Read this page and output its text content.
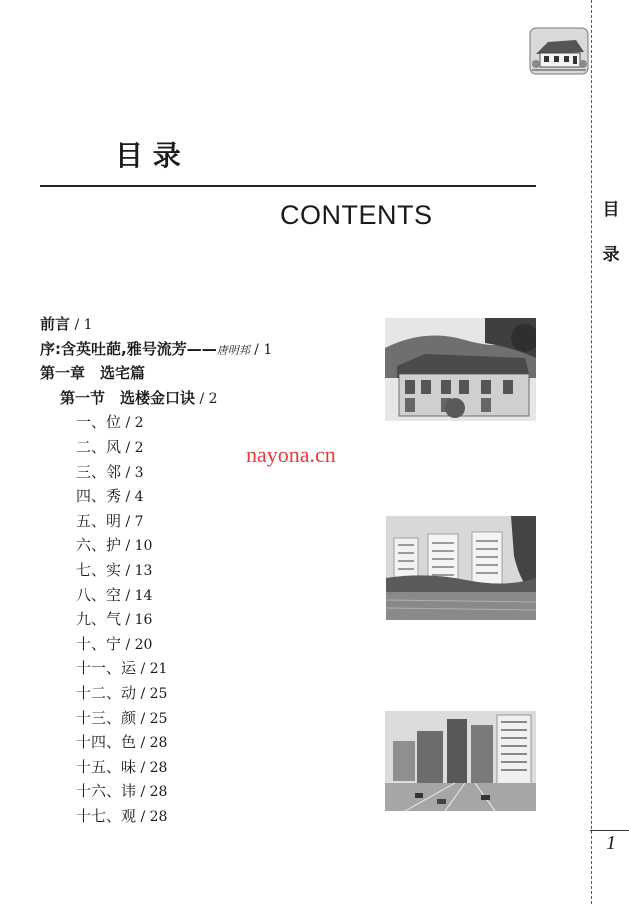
目
录
1
目 录
CONTENTS
nayona.cn
前言 / 1
序:含英吐葩,雅号流芳——唐明邦 / 1
第一章　选宅篇
第一节　选楼金口诀 / 2
一、位 / 2
二、风 / 2
三、邻 / 3
四、秀 / 4
五、明 / 7
六、护 / 10
七、实 / 13
八、空 / 14
九、气 / 16
十、宁 / 20
十一、运 / 21
十二、动 / 25
十三、颜 / 25
十四、色 / 28
十五、味 / 28
十六、讳 / 28
十七、观 / 28
